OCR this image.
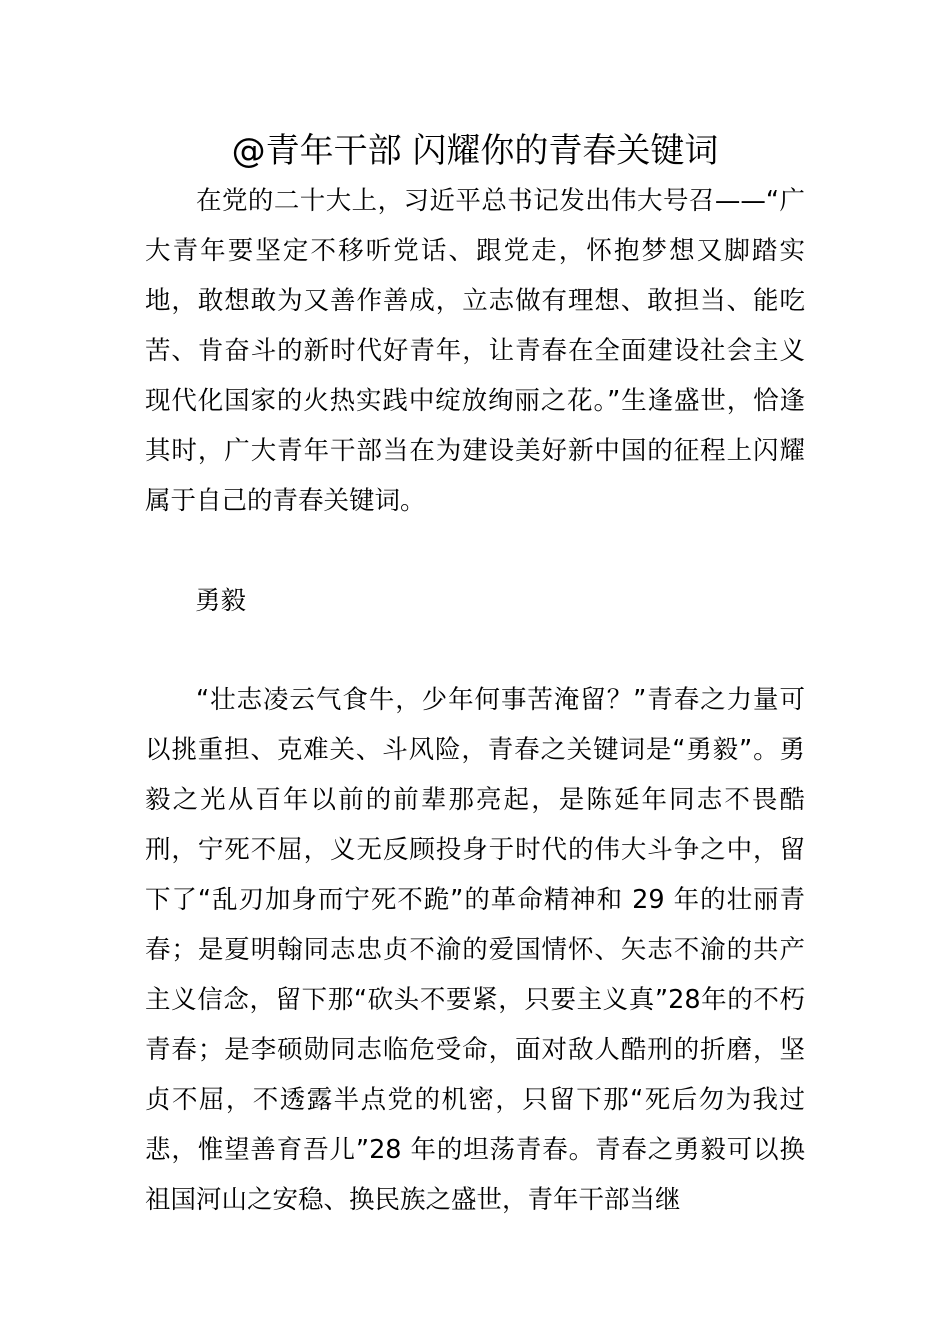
@青年干部 闪耀你的青春关键词

在党的二十大上，习近平总书记发出伟大号召——“广大青年要坚定不移听党话、跟党走，怀抱梦想又脚踏实地，敢想敢为又善作善成，立志做有理想、敢担当、能吃苦、肯奋斗的新时代好青年，让青春在全面建设社会主义现代化国家的火热实践中绽放绚丽之花。”生逢盛世，恰逢其时，广大青年干部当在为建设美好新中国的征程上闪耀属于自己的青春关键词。

勇毅

“壮志凌云气食牛，少年何事苦淹留？”青春之力量可以挑重担、克难关、斗风险，青春之关键词是“勇毅”。勇毅之光从百年以前的前辈那亮起，是陈延年同志不畏酷刑，宁死不屈，义无反顾投身于时代的伟大斗争之中，留下了“乱刃加身而宁死不跪”的革命精神和 29 年的壮丽青春；是夏明翰同志忠贞不渝的爱国情怀、矢志不渝的共产主义信念，留下那“砍头不要紧，只要主义真”28年的不朽青春；是李硕勋同志临危受命，面对敌人酷刑的折磨，坚贞不屈，不透露半点党的机密，只留下那“死后勿为我过悲，惟望善育吾儿”28 年的坦荡青春。青春之勇毅可以换祖国河山之安稳、换民族之盛世，青年干部当继
